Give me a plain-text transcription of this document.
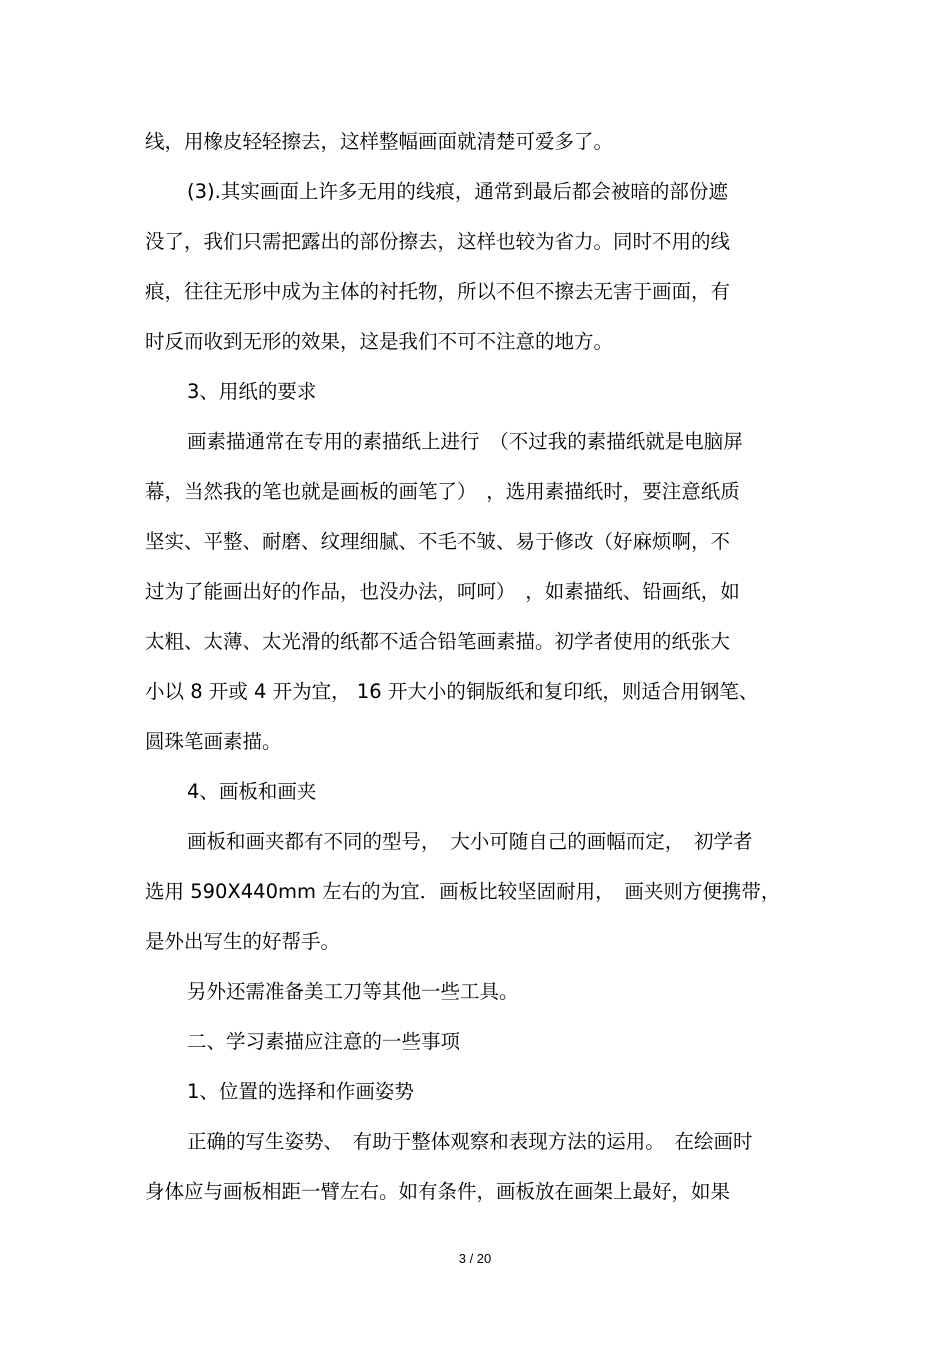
线，用橡皮轻轻擦去，这样整幅画面就清楚可爱多了。
(3).其实画面上许多无用的线痕，通常到最后都会被暗的部份遮
没了，我们只需把露出的部份擦去，这样也较为省力。同时不用的线
痕，往往无形中成为主体的衬托物，所以不但不擦去无害于画面，有
时反而收到无形的效果，这是我们不可不注意的地方。
3、用纸的要求
画素描通常在专用的素描纸上进行　（不过我的素描纸就是电脑屏
幕，当然我的笔也就是画板的画笔了）　，选用素描纸时，要注意纸质
坚实、平整、耐磨、纹理细腻、不毛不皱、易于修改（好麻烦啊，不
过为了能画出好的作品，也没办法，呵呵）　，如素描纸、铅画纸，如
太粗、太薄、太光滑的纸都不适合铅笔画素描。初学者使用的纸张大
小以 8 开或 4 开为宜， 16 开大小的铜版纸和复印纸，则适合用钢笔、
圆珠笔画素描。
4、画板和画夹
画板和画夹都有不同的型号，　大小可随自己的画幅而定，　初学者
选用 590X440mm 左右的为宜．画板比较坚固耐用，　画夹则方便携带，
是外出写生的好帮手。
另外还需准备美工刀等其他一些工具。
二、学习素描应注意的一些事项
1、位置的选择和作画姿势
正确的写生姿势、　有助于整体观察和表现方法的运用。　在绘画时
身体应与画板相距一臂左右。如有条件，画板放在画架上最好，如果
3 / 20
